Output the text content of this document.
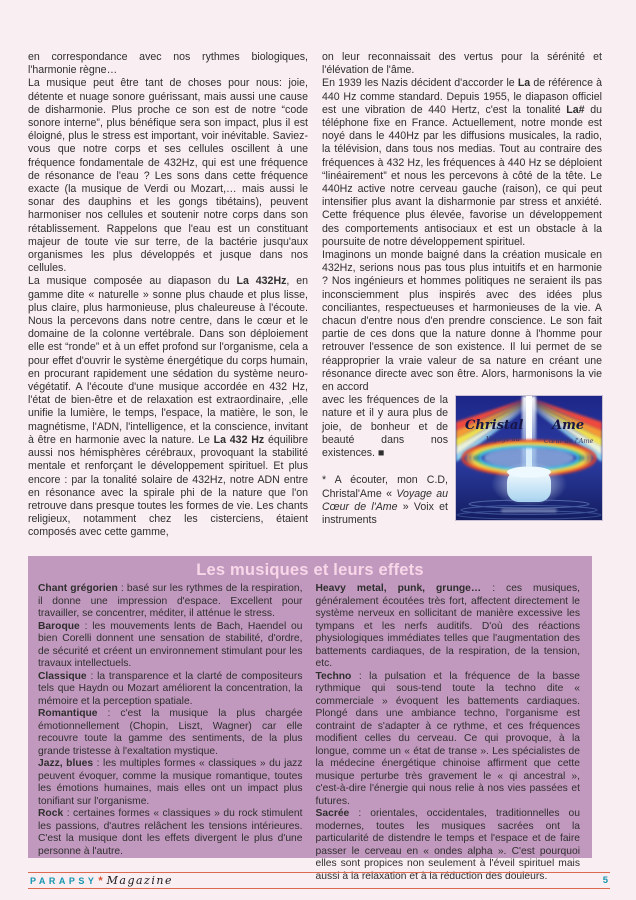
en correspondance avec nos rythmes biologiques, l'harmonie règne…

La musique peut être tant de choses pour nous: joie, détente et nuage sonore guérissant, mais aussi une cause de disharmonie. Plus proche ce son est de notre “code sonore interne”, plus bénéfique sera son impact, plus il est éloigné, plus le stress est important, voir inévitable. Saviez-vous que notre corps et ses cellules oscillent à une fréquence fondamentale de 432Hz, qui est une fréquence de résonance de l'eau ? Les sons dans cette fréquence exacte (la musique de Verdi ou Mozart,… mais aussi le sonar des dauphins et les gongs tibétains), peuvent harmoniser nos cellules et soutenir notre corps dans son rétablissement. Rappelons que l'eau est un constituant majeur de toute vie sur terre, de la bactérie jusqu'aux organismes les plus développés et jusque dans nos cellules.

La musique composée au diapason du La 432Hz, en gamme dite « naturelle » sonne plus chaude et plus lisse, plus claire, plus harmonieuse, plus chaleureuse à l'écoute. Nous la percevons dans notre centre, dans le cœur et le domaine de la colonne vertébrale. Dans son déploiement elle est “ronde” et à un effet profond sur l'organisme, cela a pour effet d'ouvrir le système énergétique du corps humain, en procurant rapidement une sédation du système neuro-végétatif. A l'écoute d'une musique accordée en 432 Hz, l'état de bien-être et de relaxation est extraordinaire, ,elle unifie la lumière, le temps, l'espace, la matière, le son, le magnétisme, l'ADN, l'intelligence, et la conscience, invitant à être en harmonie avec la nature. Le La 432 Hz équilibre aussi nos hémisphères cérébraux, provoquant la stabilité mentale et renforçant le développement spirituel. Et plus encore : par la tonalité solaire de 432Hz, notre ADN entre en résonance avec la spirale phi de la nature que l'on retrouve dans presque toutes les formes de vie. Les chants religieux, notamment chez les cisterciens, étaient composés avec cette gamme,

on leur reconnaissait des vertus pour la sérénité et l'élévation de l'âme.

En 1939 les Nazis décident d'accorder le La de référence à 440 Hz comme standard. Depuis 1955, le diapason officiel est une vibration de 440 Hertz, c'est la tonalité La# du téléphone fixe en France. Actuellement, notre monde est noyé dans le 440Hz par les diffusions musicales, la radio, la télévision, dans tous nos medias. Tout au contraire des fréquences à 432 Hz, les fréquences à 440 Hz se déploient “linéairement” et nous les percevons à côté de la tête. Le 440Hz active notre cerveau gauche (raison), ce qui peut intensifier plus avant la disharmonie par stress et anxiété. Cette fréquence plus élevée, favorise un développement des comportements antisociaux et est un obstacle à la poursuite de notre développement spirituel.

Imaginons un monde baigné dans la création musicale en 432Hz, serions nous pas tous plus intuitifs et en harmonie ? Nos ingénieurs et hommes politiques ne seraient ils pas inconsciemment plus inspirés avec des idées plus conciliantes, respectueuses et harmonieuses de la vie. A chacun d'entre nous d'en prendre conscience. Le son fait partie de ces dons que la nature donne à l'homme pour retrouver l'essence de son existence. Il lui permet de se réapproprier la vraie valeur de sa nature en créant une résonance directe avec son être. Alors, harmonisons la vie en accord

Christal Ame
Voyage au	Cœur de l'Ame

avec les fréquences de la nature et il y aura plus de joie, de bonheur et de beauté dans nos existences. ■

* A écouter, mon C.D, Christal'Ame « Voyage au Cœur de l'Ame » Voix et instruments

Les musiques et leurs effets

Chant grégorien : basé sur les rythmes de la respiration, il donne une impression d'espace. Excellent pour travailler, se concentrer, méditer, il atténue le stress.

Baroque : les mouvements lents de Bach, Haendel ou bien Corelli donnent une sensation de stabilité, d'ordre, de sécurité et créent un environnement stimulant pour les travaux intellectuels.

Classique : la transparence et la clarté de compositeurs tels que Haydn ou Mozart améliorent la concentration, la mémoire et la perception spatiale.

Romantique : c'est la musique la plus chargée émotionnellement (Chopin, Liszt, Wagner) car elle recouvre toute la gamme des sentiments, de la plus grande tristesse à l'exaltation mystique.

Jazz, blues : les multiples formes « classiques » du jazz peuvent évoquer, comme la musique romantique, toutes les émotions humaines, mais elles ont un impact plus tonifiant sur l'organisme.

Rock : certaines formes « classiques » du rock stimulent les passions, d'autres relâchent les tensions intérieures. C'est la musique dont les effets divergent le plus d'une personne à l'autre.

Heavy metal, punk, grunge… : ces musiques, généralement écoutées très fort, affectent directement le système nerveux en sollicitant de manière excessive les tympans et les nerfs auditifs. D'où des réactions physiologiques immédiates telles que l'augmentation des battements cardiaques, de la respiration, de la tension, etc.

Techno : la pulsation et la fréquence de la basse rythmique qui sous-tend toute la techno dite « commerciale » évoquent les battements cardiaques. Plongé dans une ambiance techno, l'organisme est contraint de s'adapter à ce rythme, et ces fréquences modifient celles du cerveau. Ce qui provoque, à la longue, comme un « état de transe ». Les spécialistes de la médecine énergétique chinoise affirment que cette musique perturbe très gravement le « qi ancestral », c'est-à-dire l'énergie qui nous relie à nos vies passées et futures.

Sacrée : orientales, occidentales, traditionnelles ou modernes, toutes les musiques sacrées ont la particularité de distendre le temps et l'espace et de faire passer le cerveau en « ondes alpha ». C'est pourquoi elles sont propices non seulement à l'éveil spirituel mais aussi à la relaxation et à la réduction des douleurs.

PARAPSY * Magazine	5
